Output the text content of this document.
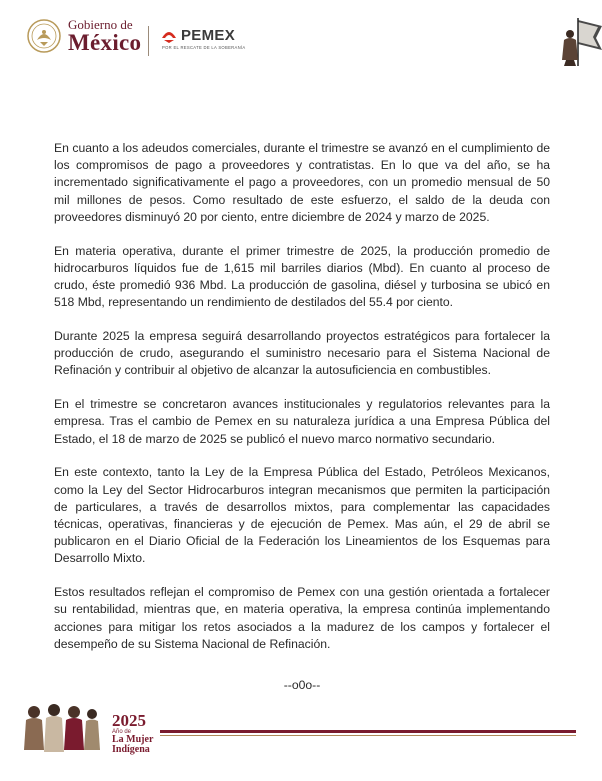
Gobierno de
México	PEMEX
POR EL RESCATE DE LA SOBERANÍA

En cuanto a los adeudos comerciales, durante el trimestre se avanzó en el cumplimiento de los compromisos de pago a proveedores y contratistas. En lo que va del año, se ha incrementado significativamente el pago a proveedores, con un promedio mensual de 50 mil millones de pesos. Como resultado de este esfuerzo, el saldo de la deuda con proveedores disminuyó 20 por ciento, entre diciembre de 2024 y marzo de 2025.

En materia operativa, durante el primer trimestre de 2025, la producción promedio de hidrocarburos líquidos fue de 1,615 mil barriles diarios (Mbd). En cuanto al proceso de crudo, éste promedió 936 Mbd. La producción de gasolina, diésel y turbosina se ubicó en 518 Mbd, representando un rendimiento de destilados del 55.4 por ciento.

Durante 2025 la empresa seguirá desarrollando proyectos estratégicos para fortalecer la producción de crudo, asegurando el suministro necesario para el Sistema Nacional de Refinación y contribuir al objetivo de alcanzar la autosuficiencia en combustibles.

En el trimestre se concretaron avances institucionales y regulatorios relevantes para la empresa. Tras el cambio de Pemex en su naturaleza jurídica a una Empresa Pública del Estado, el 18 de marzo de 2025 se publicó el nuevo marco normativo secundario.

En este contexto, tanto la Ley de la Empresa Pública del Estado, Petróleos Mexicanos, como la Ley del Sector Hidrocarburos integran mecanismos que permiten la participación de particulares, a través de desarrollos mixtos, para complementar las capacidades técnicas, operativas, financieras y de ejecución de Pemex. Mas aún, el 29 de abril se publicaron en el Diario Oficial de la Federación los Lineamientos de los Esquemas para Desarrollo Mixto.

Estos resultados reflejan el compromiso de Pemex con una gestión orientada a fortalecer su rentabilidad, mientras que, en materia operativa, la empresa continúa implementando acciones para mitigar los retos asociados a la madurez de los campos y fortalecer el desempeño de su Sistema Nacional de Refinación.

--o0o--
2025
Año de
La Mujer
Indígena
